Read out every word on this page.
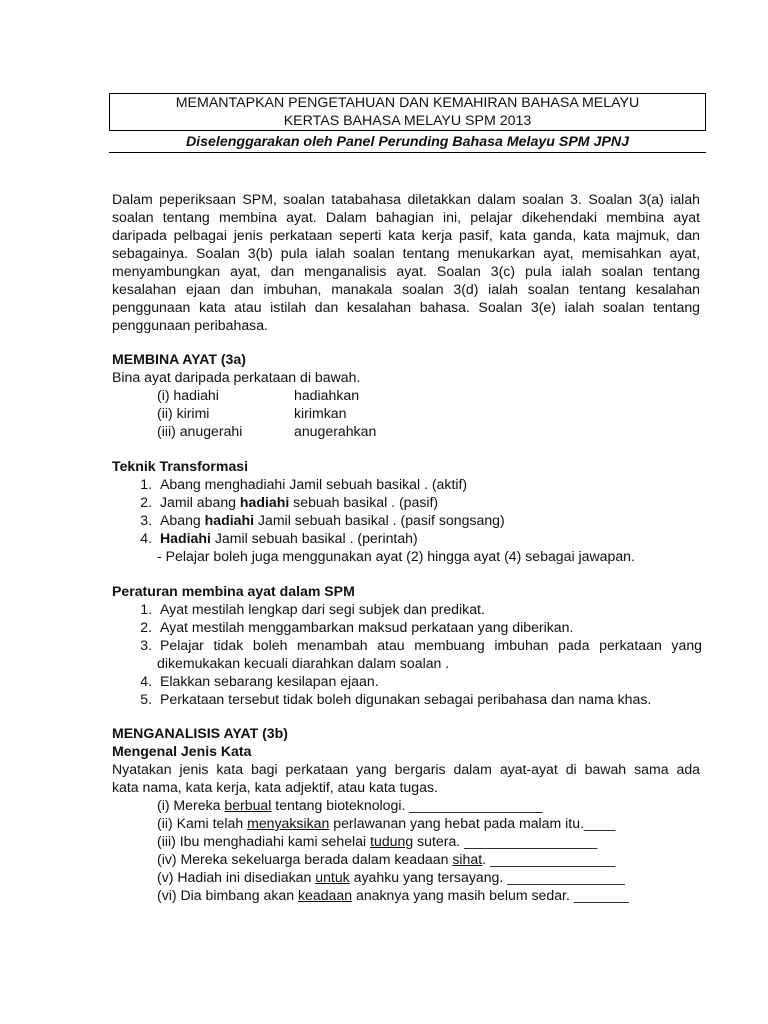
MEMANTAPKAN PENGETAHUAN DAN KEMAHIRAN BAHASA MELAYU
KERTAS BAHASA MELAYU SPM 2013
Diselenggarakan oleh Panel Perunding Bahasa Melayu SPM JPNJ
Dalam peperiksaan SPM, soalan tatabahasa diletakkan dalam soalan 3. Soalan 3(a) ialah soalan tentang membina ayat. Dalam bahagian ini, pelajar dikehendaki membina ayat daripada pelbagai jenis perkataan seperti kata kerja pasif, kata ganda, kata majmuk, dan sebagainya. Soalan 3(b) pula ialah soalan tentang menukarkan ayat, memisahkan ayat, menyambungkan ayat, dan menganalisis ayat. Soalan 3(c) pula ialah soalan tentang kesalahan ejaan dan imbuhan, manakala soalan 3(d) ialah soalan tentang kesalahan penggunaan kata atau istilah dan kesalahan bahasa. Soalan 3(e) ialah soalan tentang penggunaan peribahasa.
MEMBINA AYAT (3a)
Bina ayat daripada perkataan di bawah.
(i) hadiahi	hadiahkan
(ii) kirimi	kirimkan
(iii) anugerahi	anugerahkan
Teknik Transformasi
1. Abang menghadiahi Jamil sebuah basikal . (aktif)
2. Jamil abang hadiahi sebuah basikal . (pasif)
3. Abang hadiahi Jamil sebuah basikal . (pasif songsang)
4. Hadiahi Jamil sebuah basikal . (perintah)
- Pelajar boleh juga menggunakan ayat (2) hingga ayat (4) sebagai jawapan.
Peraturan membina ayat dalam SPM
1. Ayat mestilah lengkap dari segi subjek dan predikat.
2. Ayat mestilah menggambarkan maksud perkataan yang diberikan.
3. Pelajar tidak boleh menambah atau membuang imbuhan pada perkataan yang
dikemukakan kecuali diarahkan dalam soalan .
4. Elakkan sebarang kesilapan ejaan.
5. Perkataan tersebut tidak boleh digunakan sebagai peribahasa dan nama khas.
MENGANALISIS AYAT (3b)
Mengenal Jenis Kata
Nyatakan jenis kata bagi perkataan yang bergaris dalam ayat-ayat di bawah sama ada
kata nama, kata kerja, kata adjektif, atau kata tugas.
(i) Mereka berbual tentang bioteknologi. _________________
(ii) Kami telah menyaksikan perlawanan yang hebat pada malam itu.____
(iii) Ibu menghadiahi kami sehelai tudung sutera. _________________
(iv) Mereka sekeluarga berada dalam keadaan sihat. ________________
(v) Hadiah ini disediakan untuk ayahku yang tersayang. _______________
(vi) Dia bimbang akan keadaan anaknya yang masih belum sedar. _______
